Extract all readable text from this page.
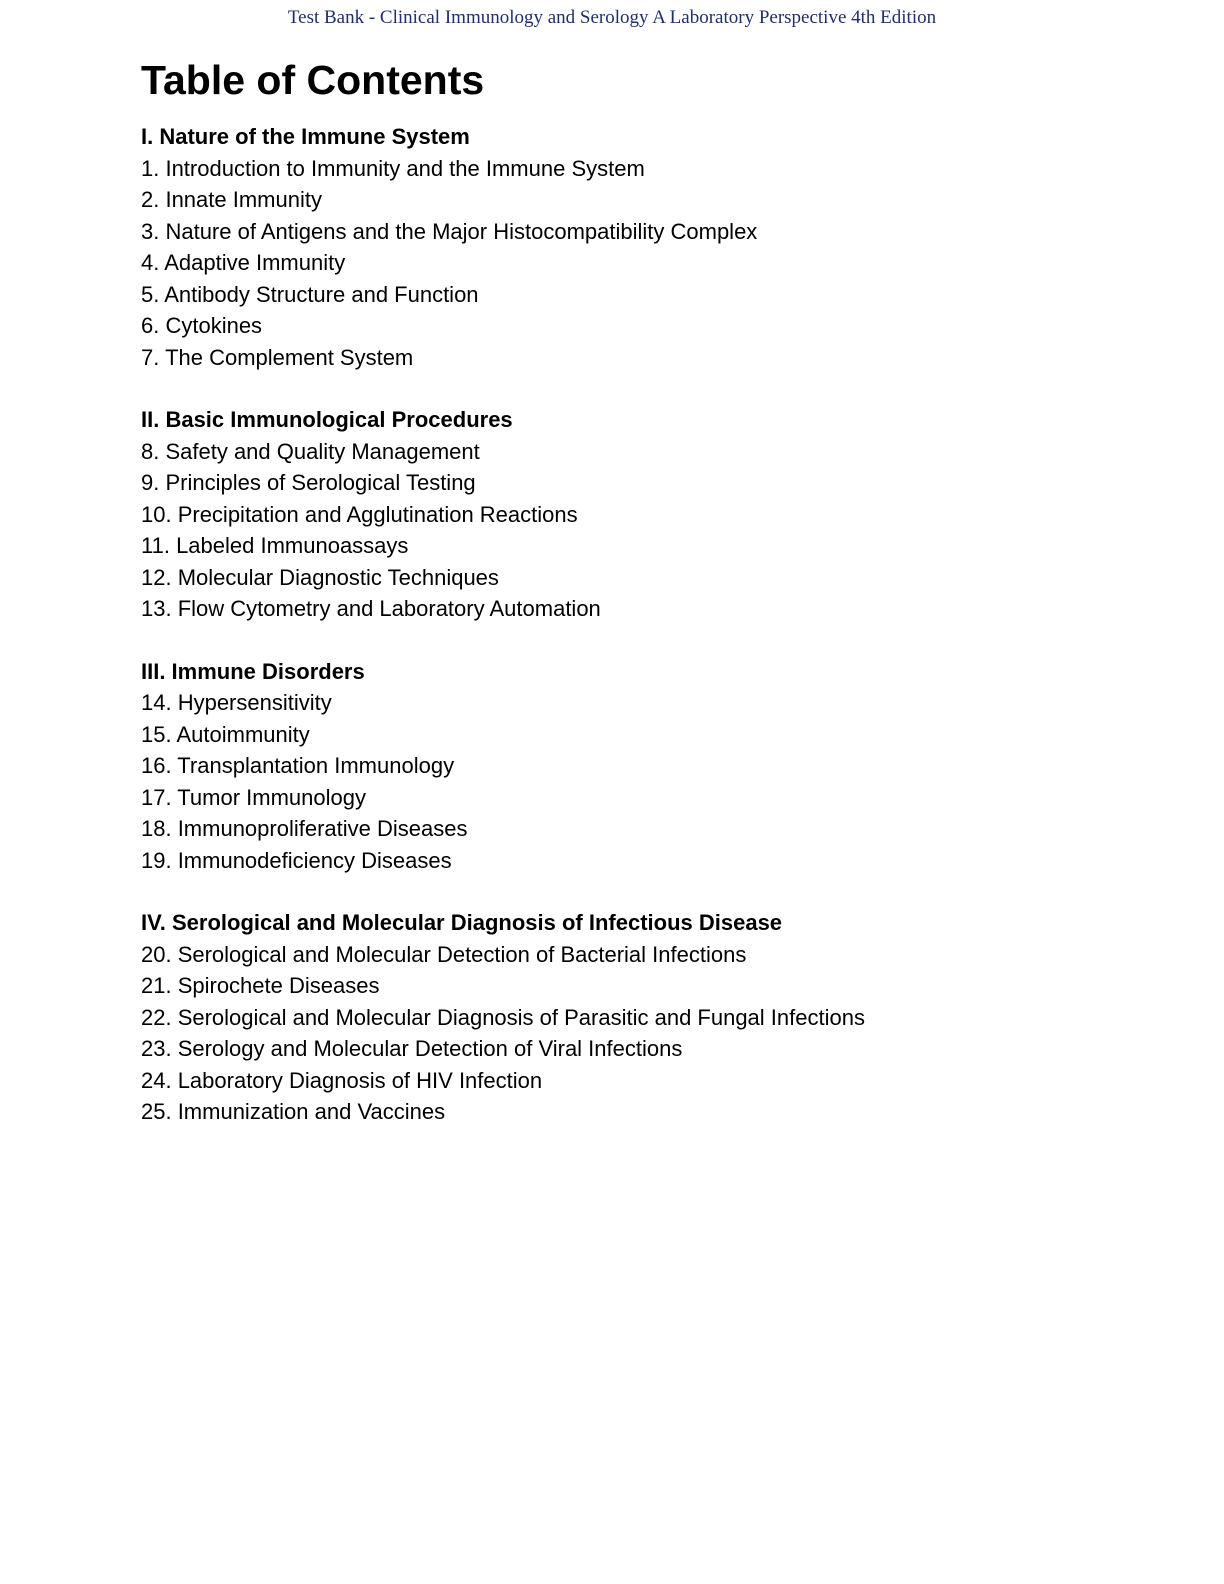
Test Bank - Clinical Immunology and Serology A Laboratory Perspective 4th Edition
Table of Contents
I. Nature of the Immune System
1. Introduction to Immunity and the Immune System
2. Innate Immunity
3. Nature of Antigens and the Major Histocompatibility Complex
4. Adaptive Immunity
5. Antibody Structure and Function
6. Cytokines
7. The Complement System
II. Basic Immunological Procedures
8. Safety and Quality Management
9. Principles of Serological Testing
10. Precipitation and Agglutination Reactions
11. Labeled Immunoassays
12. Molecular Diagnostic Techniques
13. Flow Cytometry and Laboratory Automation
III. Immune Disorders
14. Hypersensitivity
15. Autoimmunity
16. Transplantation Immunology
17. Tumor Immunology
18. Immunoproliferative Diseases
19. Immunodeficiency Diseases
IV. Serological and Molecular Diagnosis of Infectious Disease
20. Serological and Molecular Detection of Bacterial Infections
21. Spirochete Diseases
22. Serological and Molecular Diagnosis of Parasitic and Fungal Infections
23. Serology and Molecular Detection of Viral Infections
24. Laboratory Diagnosis of HIV Infection
25. Immunization and Vaccines
